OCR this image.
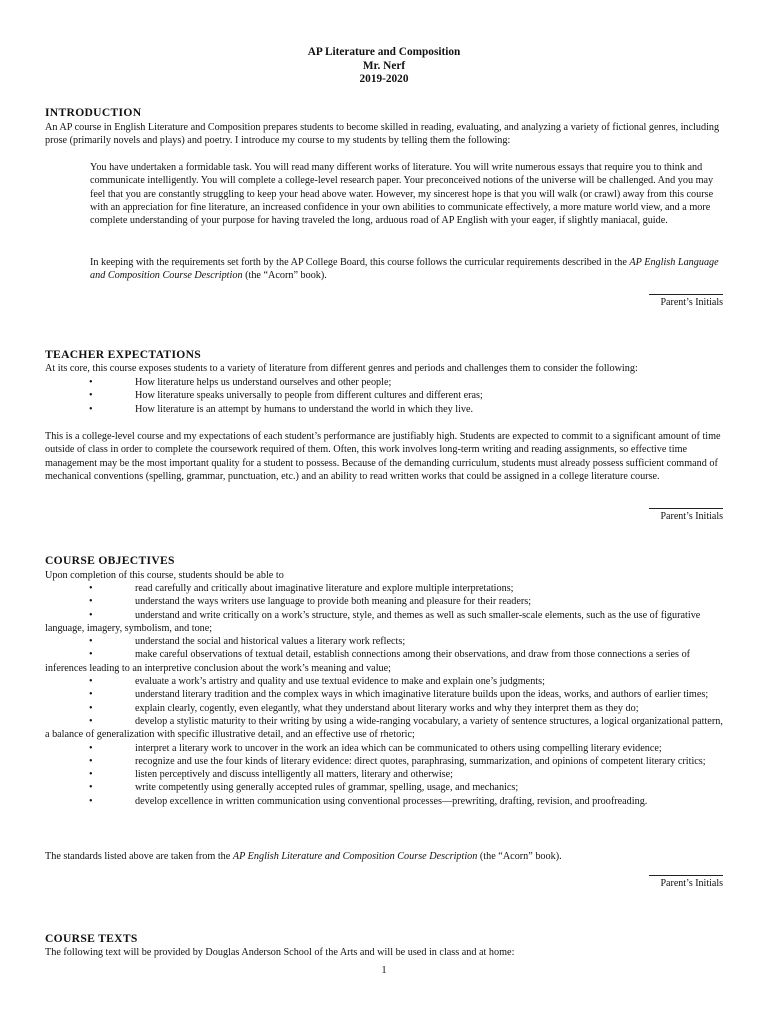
AP Literature and Composition
Mr. Nerf
2019-2020
INTRODUCTION
An AP course in English Literature and Composition prepares students to become skilled in reading, evaluating, and analyzing a variety of fictional genres, including prose (primarily novels and plays) and poetry. I introduce my course to my students by telling them the following:
You have undertaken a formidable task. You will read many different works of literature. You will write numerous essays that require you to think and communicate intelligently. You will complete a college-level research paper. Your preconceived notions of the universe will be challenged. And you may feel that you are constantly struggling to keep your head above water. However, my sincerest hope is that you will walk (or crawl) away from this course with an appreciation for fine literature, an increased confidence in your own abilities to communicate effectively, a more mature world view, and a more complete understanding of your purpose for having traveled the long, arduous road of AP English with your eager, if slightly maniacal, guide.
In keeping with the requirements set forth by the AP College Board, this course follows the curricular requirements described in the AP English Language and Composition Course Description (the “Acorn” book).
Parent’s Initials
TEACHER EXPECTATIONS
At its core, this course exposes students to a variety of literature from different genres and periods and challenges them to consider the following:
•	How literature helps us understand ourselves and other people;
•	How literature speaks universally to people from different cultures and different eras;
•	How literature is an attempt by humans to understand the world in which they live.
This is a college-level course and my expectations of each student’s performance are justifiably high. Students are expected to commit to a significant amount of time outside of class in order to complete the coursework required of them. Often, this work involves long-term writing and reading assignments, so effective time management may be the most important quality for a student to possess. Because of the demanding curriculum, students must already possess sufficient command of mechanical conventions (spelling, grammar, punctuation, etc.) and an ability to read written works that could be assigned in a college literature course.
Parent’s Initials
COURSE OBJECTIVES
Upon completion of this course, students should be able to
•	read carefully and critically about imaginative literature and explore multiple interpretations;
•	understand the ways writers use language to provide both meaning and pleasure for their readers;
•	understand and write critically on a work’s structure, style, and themes as well as such smaller-scale elements, such as the use of figurative language, imagery, symbolism, and tone;
•	understand the social and historical values a literary work reflects;
•	make careful observations of textual detail, establish connections among their observations, and draw from those connections a series of inferences leading to an interpretive conclusion about the work’s meaning and value;
•	evaluate a work’s artistry and quality and use textual evidence to make and explain one’s judgments;
•	understand literary tradition and the complex ways in which imaginative literature builds upon the ideas, works, and authors of earlier times;
•	explain clearly, cogently, even elegantly, what they understand about literary works and why they interpret them as they do;
•	develop a stylistic maturity to their writing by using a wide-ranging vocabulary, a variety of sentence structures, a logical organizational pattern, a balance of generalization with specific illustrative detail, and an effective use of rhetoric;
•	interpret a literary work to uncover in the work an idea which can be communicated to others using compelling literary evidence;
•	recognize and use the four kinds of literary evidence: direct quotes, paraphrasing, summarization, and opinions of competent literary critics;
•	listen perceptively and discuss intelligently all matters, literary and otherwise;
•	write competently using generally accepted rules of grammar, spelling, usage, and mechanics;
•	develop excellence in written communication using conventional processes—prewriting, drafting, revision, and proofreading.
The standards listed above are taken from the AP English Literature and Composition Course Description (the “Acorn” book).
Parent’s Initials
COURSE TEXTS
The following text will be provided by Douglas Anderson School of the Arts and will be used in class and at home:
1
